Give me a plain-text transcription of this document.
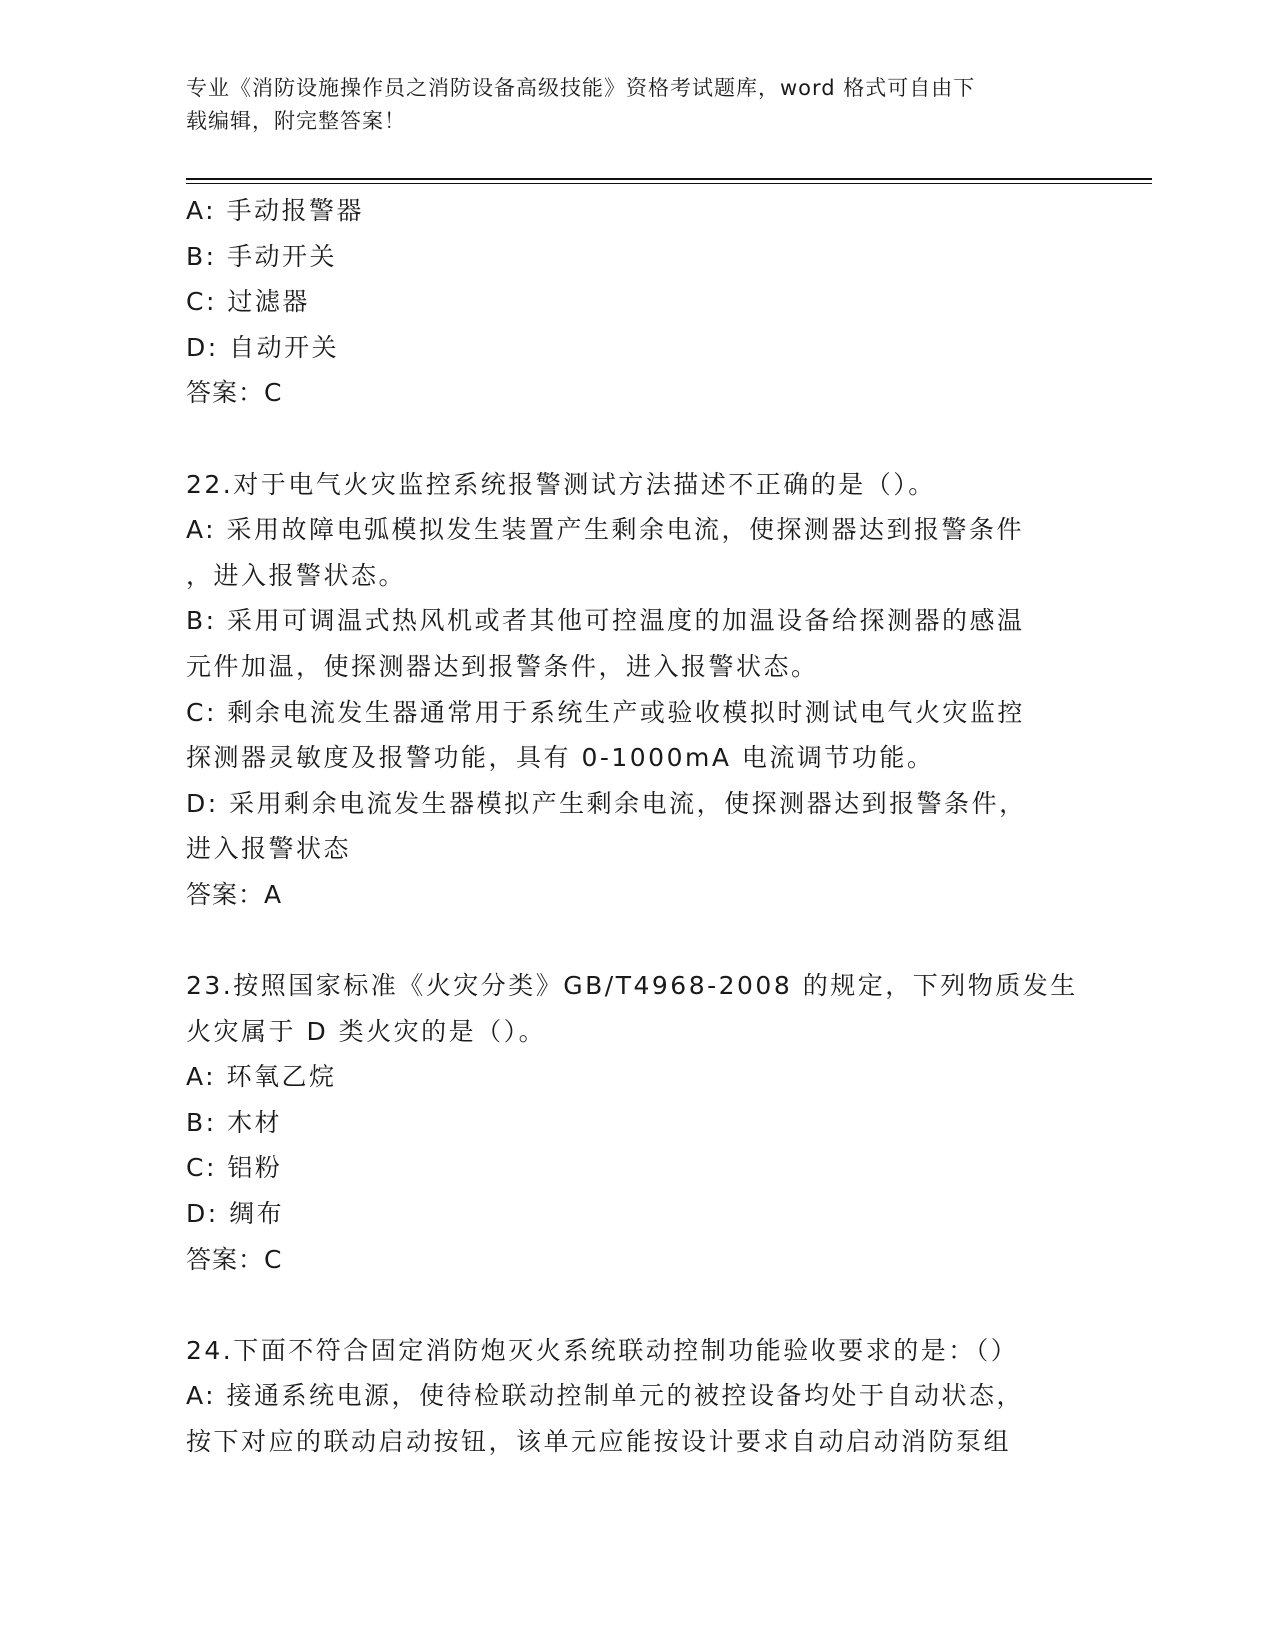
专业《消防设施操作员之消防设备高级技能》资格考试题库，word 格式可自由下
载编辑，附完整答案！
A: 手动报警器
B: 手动开关
C: 过滤器
D: 自动开关
答案：C
22.对于电气火灾监控系统报警测试方法描述不正确的是（）。
A: 采用故障电弧模拟发生装置产生剩余电流，使探测器达到报警条件
，进入报警状态。
B: 采用可调温式热风机或者其他可控温度的加温设备给探测器的感温
元件加温，使探测器达到报警条件，进入报警状态。
C: 剩余电流发生器通常用于系统生产或验收模拟时测试电气火灾监控
探测器灵敏度及报警功能，具有 0-1000mA 电流调节功能。
D: 采用剩余电流发生器模拟产生剩余电流，使探测器达到报警条件，
进入报警状态
答案：A
23.按照国家标准《火灾分类》GB/T4968-2008 的规定，下列物质发生
火灾属于 D 类火灾的是（）。
A: 环氧乙烷
B: 木材
C: 铝粉
D: 绸布
答案：C
24.下面不符合固定消防炮灭火系统联动控制功能验收要求的是：（）
A: 接通系统电源，使待检联动控制单元的被控设备均处于自动状态，
按下对应的联动启动按钮，该单元应能按设计要求自动启动消防泵组
